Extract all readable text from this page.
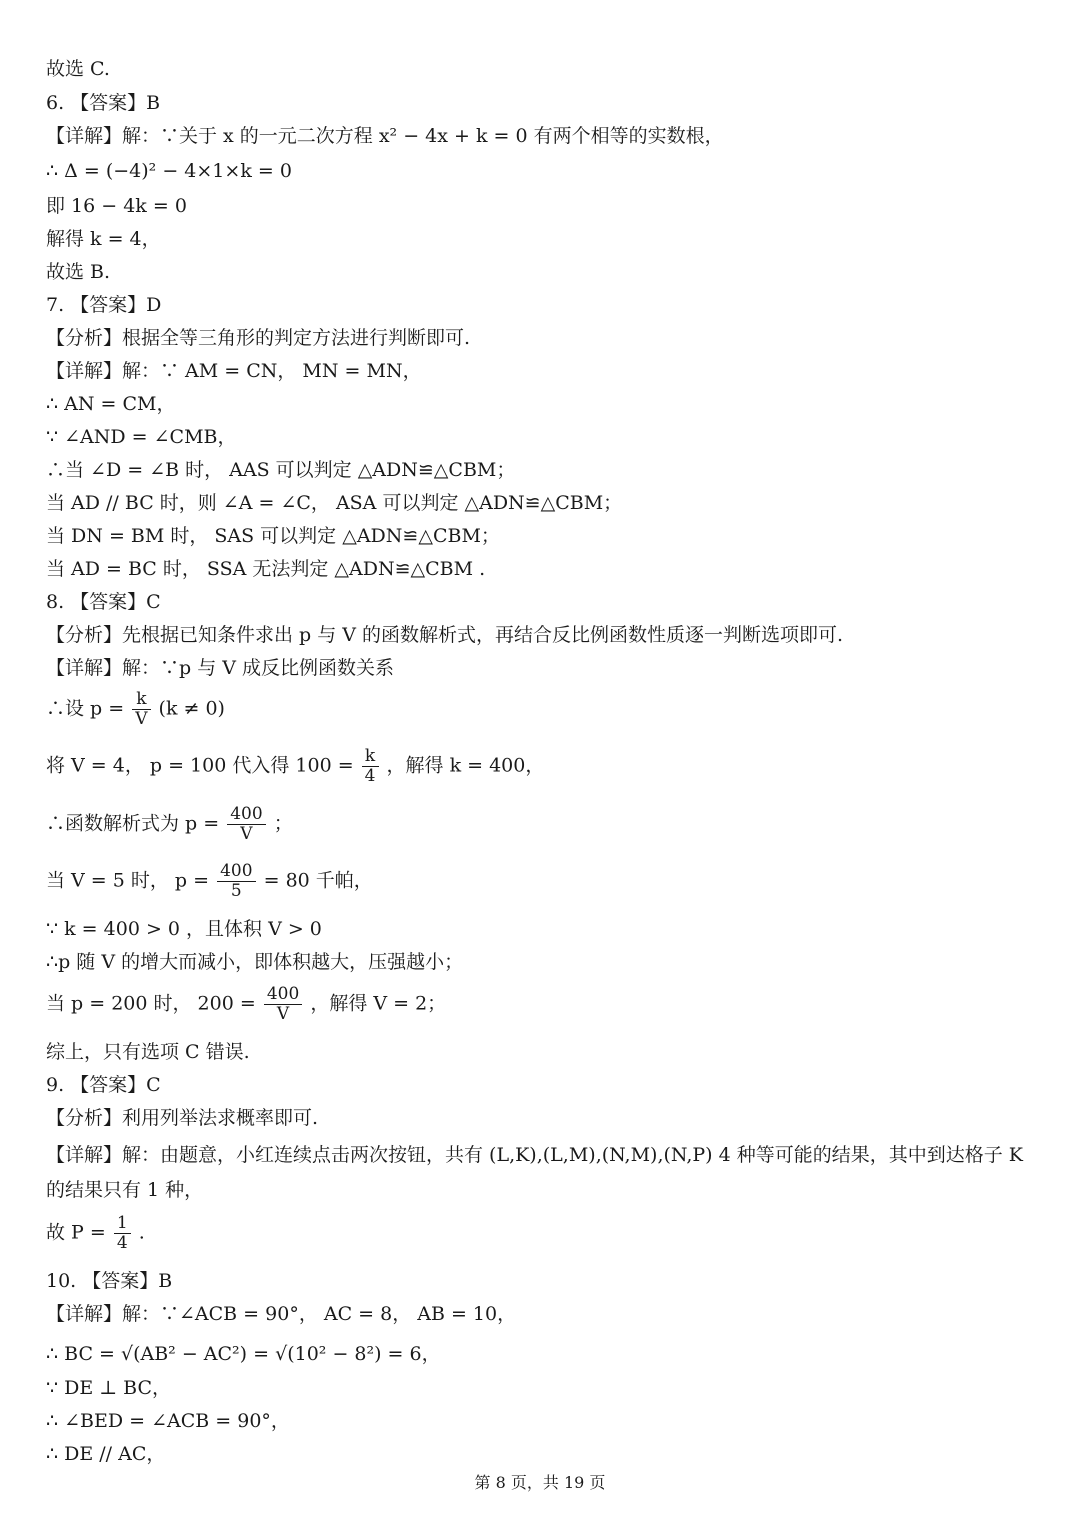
故选 C.
6. 【答案】B
【详解】解：∵关于 x 的一元二次方程 x² − 4x + k = 0 有两个相等的实数根，
∴ Δ = (−4)² − 4×1×k = 0
即 16 − 4k = 0
解得 k = 4，
故选 B.
7. 【答案】D
【分析】根据全等三角形的判定方法进行判断即可.
【详解】解：∵ AM = CN， MN = MN，
∴ AN = CM，
∵ ∠AND = ∠CMB，
∴当 ∠D = ∠B 时， AAS 可以判定 △ADN≌△CBM；
当 AD // BC 时，则 ∠A = ∠C， ASA 可以判定 △ADN≌△CBM；
当 DN = BM 时， SAS 可以判定 △ADN≌△CBM；
当 AD = BC 时， SSA 无法判定 △ADN≌△CBM .
8. 【答案】C
【分析】先根据已知条件求出 p 与 V 的函数解析式，再结合反比例函数性质逐一判断选项即可.
【详解】解：∵p 与 V 成反比例函数关系
∴设 $p = \frac{k}{V} (k \ne 0)$
将 V = 4， p = 100 代入得 $100 = \frac{k}{4}$ ，解得 k = 400，
∴函数解析式为 $p = \frac{400}{V}$ ；
当 V = 5 时， $p = \frac{400}{5} = 80$ 千帕，
∵ k = 400 > 0 ，且体积 V > 0
∴p 随 V 的增大而减小，即体积越大，压强越小；
当 p = 200 时， $200 = \frac{400}{V}$ ，解得 V = 2；
综上，只有选项 C 错误.
9. 【答案】C
【分析】利用列举法求概率即可.
【详解】解：由题意，小红连续点击两次按钮，共有 (L,K),(L,M),(N,M),(N,P) 4 种等可能的结果，其中到达格子 K
的结果只有 1 种，
故 $P = \frac{1}{4}$ .
10. 【答案】B
【详解】解：∵∠ACB = 90°， AC = 8， AB = 10，
∴ BC = √(AB² − AC²) = √(10² − 8²) = 6，
∵ DE ⊥ BC，
∴ ∠BED = ∠ACB = 90°，
∴ DE // AC，
第 8 页，共 19 页
